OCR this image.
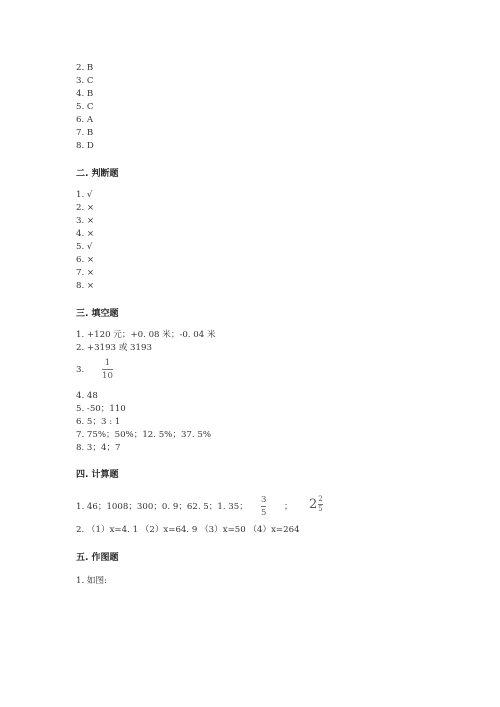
2. B
3. C
4. B
5. C
6. A
7. B
8. D
二. 判断题
1. √
2. ×
3. ×
4. ×
5. √
6. ×
7. ×
8. ×
三. 填空题
1. +120 元；+0. 08 米；-0. 04 米
2. +3193 或 3193
3.
1
10
4. 48
5. -50；110
6. 5；3 : 1
7. 75%；50%；12. 5%；37. 5%
8. 3；4；7
四. 计算题
1. 46；1008；300；0. 9；62. 5；1. 35；
3
5
； $2 \frac{2}{5}$
2. （1）x=4. 1 （2）x=64. 9 （3）x=50 （4）x=264
五. 作图题
1. 如图:
